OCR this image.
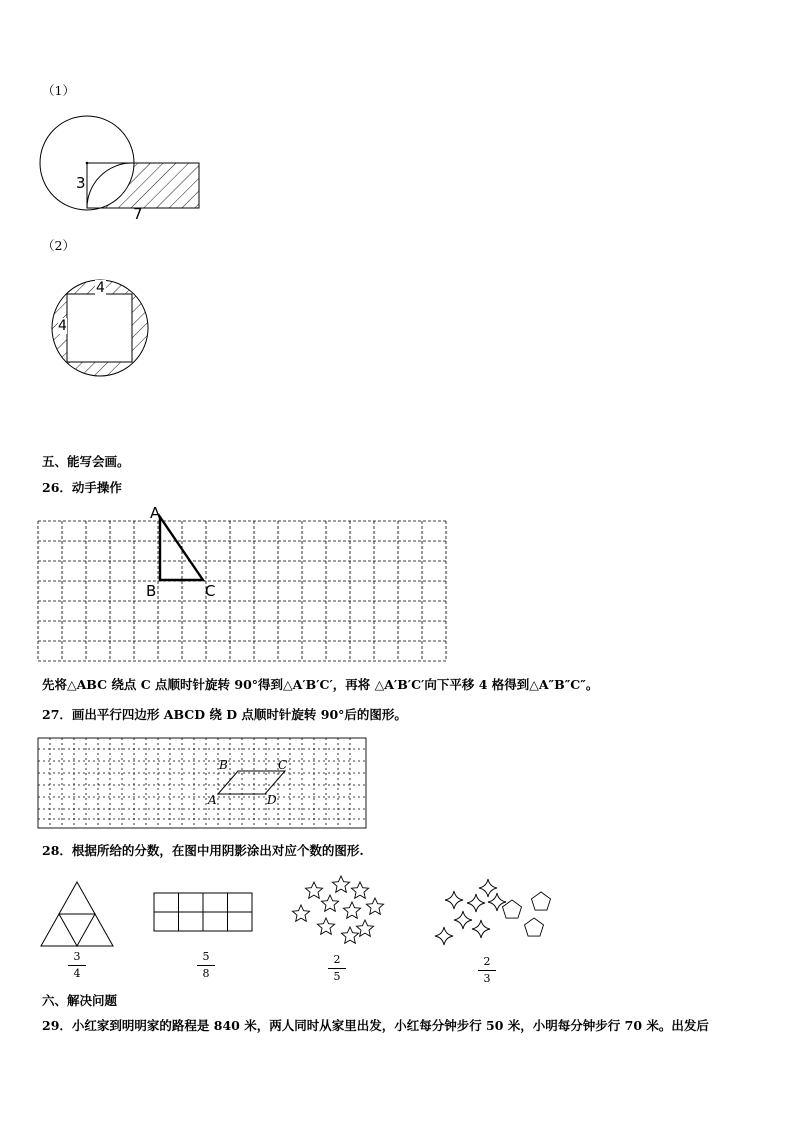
（1）
3
7
（2）
4
4
五、能写会画。
26．动手操作
A
B	C
先将△ABC 绕点 C 点顺时针旋转 90°得到△A′B′C′，再将 △A′B′C′向下平移 4 格得到△A″B″C″。
27．画出平行四边形 ABCD 绕 D 点顺时针旋转 90°后的图形。
B	C
A	D
28．根据所给的分数，在图中用阴影涂出对应个数的图形.
3
4
5
8
2
5
2
3
六、解决问题
29．小红家到明明家的路程是 840 米，两人同时从家里出发，小红每分钟步行 50 米，小明每分钟步行 70 米。出发后
